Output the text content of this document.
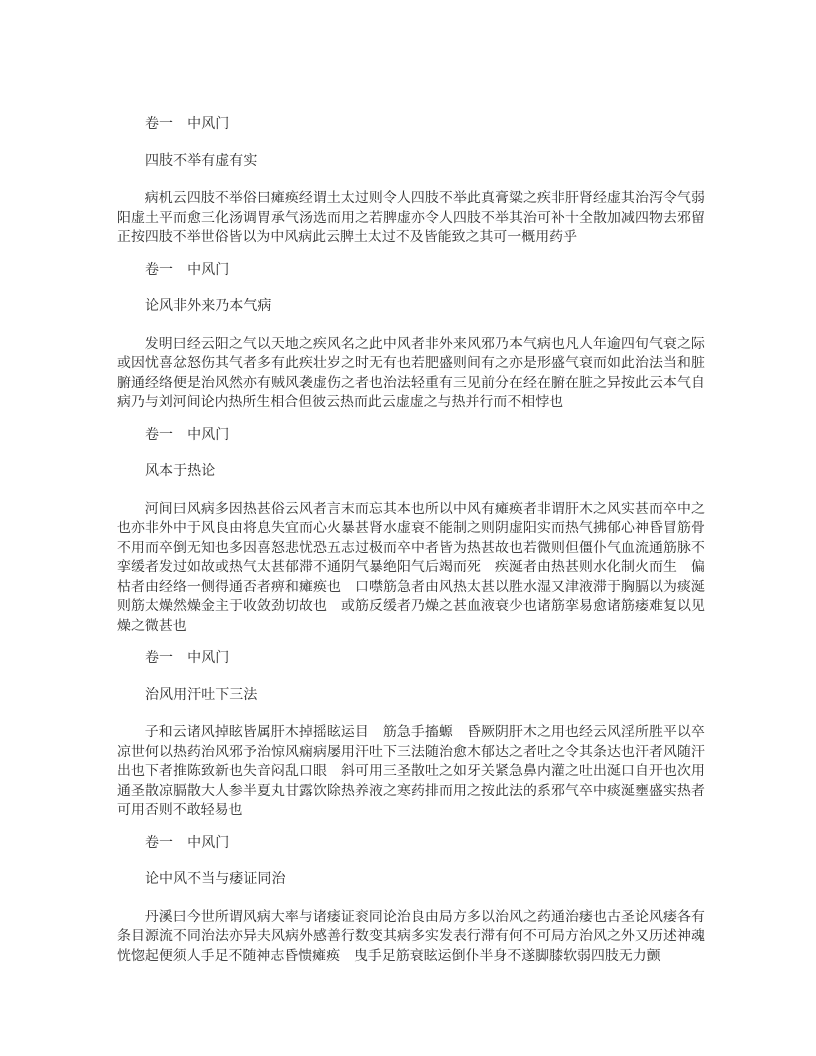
卷一　中风门

四肢不举有虚有实

病机云四肢不举俗曰瘫痪经谓土太过则令人四肢不举此真膏粱之疾非肝肾经虚其治泻令气弱阳虚土平而愈三化汤调胃承气汤选而用之若脾虚亦令人四肢不举其治可补十全散加减四物去邪留正按四肢不举世俗皆以为中风病此云脾土太过不及皆能致之其可一概用药乎

卷一　中风门

论风非外来乃本气病

发明曰经云阳之气以天地之疾风名之此中风者非外来风邪乃本气病也凡人年逾四旬气衰之际或因忧喜忿怒伤其气者多有此疾壮岁之时无有也若肥盛则间有之亦是形盛气衰而如此治法当和脏腑通经络便是治风然亦有贼风袭虚伤之者也治法轻重有三见前分在经在腑在脏之异按此云本气自病乃与刘河间论内热所生相合但彼云热而此云虚虚之与热并行而不相悖也

卷一　中风门

风本于热论

河间曰风病多因热甚俗云风者言末而忘其本也所以中风有瘫痪者非谓肝木之风实甚而卒中之也亦非外中于风良由将息失宜而心火暴甚肾水虚衰不能制之则阴虚阳实而热气拂郁心神昏冒筋骨不用而卒倒无知也多因喜怒悲忧恐五志过极而卒中者皆为热甚故也若微则但僵仆气血流通筋脉不挛缓者发过如故或热气太甚郁滞不通阴气暴绝阳气后竭而死　疾涎者由热甚则水化制火而生　偏枯者由经络一侧得通否者痹和瘫痪也　口噤筋急者由风热太甚以胜水湿又津液滞于胸膈以为痰涎则筋太燥然燥金主于收敛劲切故也　或筋反缓者乃燥之甚血液衰少也诸筋挛易愈诸筋痿难复以见燥之微甚也

卷一　中风门

治风用汗吐下三法

子和云诸风掉眩皆属肝木掉摇眩运目　筋急手搐螈　昏厥阴肝木之用也经云风淫所胜平以卒凉世何以热药治风邪予治惊风痫病屡用汗吐下三法随治愈木郁达之者吐之令其条达也汗者风随汗出也下者推陈致新也失音闷乱口眼　斜可用三圣散吐之如牙关紧急鼻内灌之吐出涎口自开也次用通圣散凉膈散大人参半夏丸甘露饮除热养液之寒药排而用之按此法的系邪气卒中痰涎壅盛实热者可用否则不敢轻易也

卷一　中风门

论中风不当与痿证同治

丹溪曰今世所谓风病大率与诸痿证衮同论治良由局方多以治风之药通治痿也古圣论风痿各有条目源流不同治法亦异夫风病外感善行数变其病多实发表行滞有何不可局方治风之外又历述神魂恍惚起便须人手足不随神志昏愦瘫痪　曳手足筋衰眩运倒仆半身不遂脚膝软弱四肢无力颤
